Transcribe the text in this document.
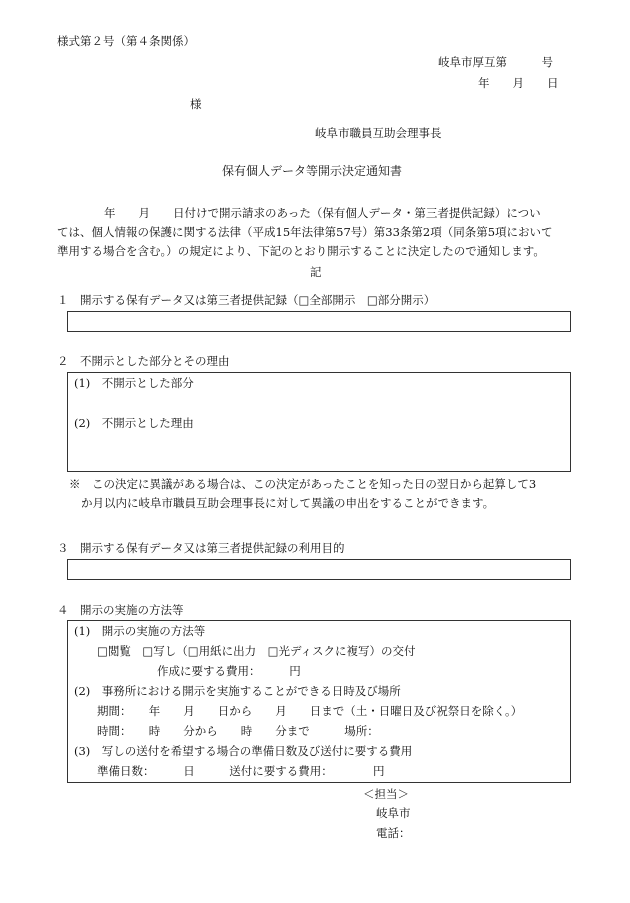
様式第２号（第４条関係）
岐阜市厚互第　　　号
年　　月　　日
様
岐阜市職員互助会理事長
保有個人データ等開示決定通知書
年　　月　　日付けで開示請求のあった（保有個人データ・第三者提供記録）につい
ては、個人情報の保護に関する法律（平成15年法律第57号）第33条第2項（同条第5項において
準用する場合を含む。）の規定により、下記のとおり開示することに決定したので通知します。
記
１　開示する保有データ又は第三者提供記録（□全部開示　□部分開示）
２　不開示とした部分とその理由
(1)　不開示とした部分
(2)　不開示とした理由
※　この決定に異議がある場合は、この決定があったことを知った日の翌日から起算して3
か月以内に岐阜市職員互助会理事長に対して異議の申出をすることができます。
３　開示する保有データ又は第三者提供記録の利用目的
４　開示の実施の方法等
(1)　開示の実施の方法等
□閲覧　□写し（□用紙に出力　□光ディスクに複写）の交付
作成に要する費用：　　　円
(2)　事務所における開示を実施することができる日時及び場所
期間：　　年　　月　　日から　　月　　日まで（土・日曜日及び祝祭日を除く。）
時間：　　時　　分から　　時　　分まで　　　場所：
(3)　写しの送付を希望する場合の準備日数及び送付に要する費用
準備日数：　　　日　　　送付に要する費用：　　　　円
＜担当＞
岐阜市
電話：
